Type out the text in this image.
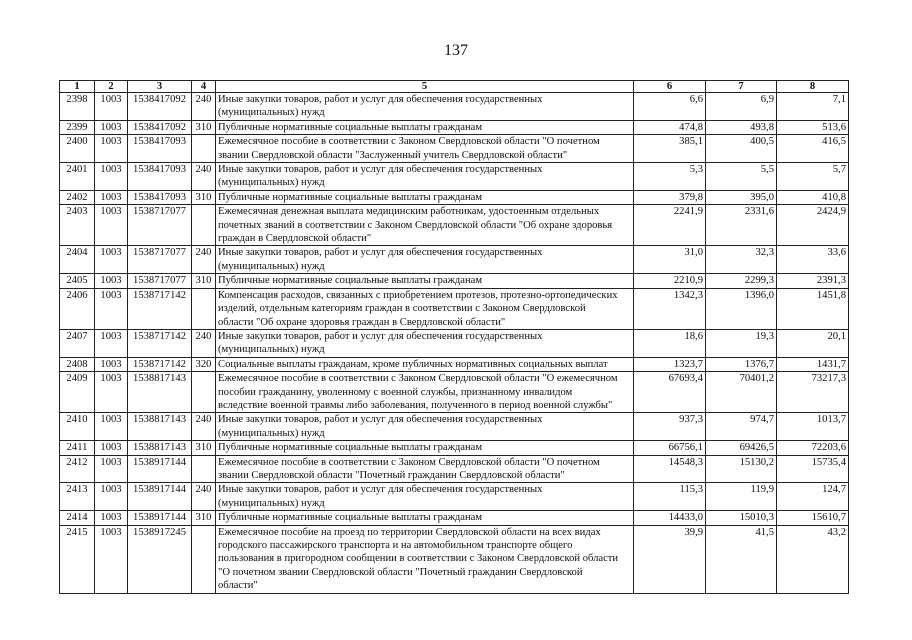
137
1	2	3	4	5	6	7	8
2398	1003	1538417092	240	Иные закупки товаров, работ и услуг для обеспечения государственных
(муниципальных) нужд	6,6	6,9	7,1
2399	1003	1538417092	310	Публичные нормативные социальные выплаты гражданам	474,8	493,8	513,6
2400	1003	1538417093		Ежемесячное пособие в соответствии с Законом Свердловской области "О почетном
звании Свердловской области "Заслуженный учитель Свердловской области"	385,1	400,5	416,5
2401	1003	1538417093	240	Иные закупки товаров, работ и услуг для обеспечения государственных
(муниципальных) нужд	5,3	5,5	5,7
2402	1003	1538417093	310	Публичные нормативные социальные выплаты гражданам	379,8	395,0	410,8
2403	1003	1538717077		Ежемесячная денежная выплата медицинским работникам, удостоенным отдельных
почетных званий в соответствии с Законом Свердловской области "Об охране здоровья
граждан в Свердловской области"	2241,9	2331,6	2424,9
2404	1003	1538717077	240	Иные закупки товаров, работ и услуг для обеспечения государственных
(муниципальных) нужд	31,0	32,3	33,6
2405	1003	1538717077	310	Публичные нормативные социальные выплаты гражданам	2210,9	2299,3	2391,3
2406	1003	1538717142		Компенсация расходов, связанных с приобретением протезов, протезно-ортопедических
изделий, отдельным категориям граждан в соответствии с Законом Свердловской
области "Об охране здоровья граждан в Свердловской области"	1342,3	1396,0	1451,8
2407	1003	1538717142	240	Иные закупки товаров, работ и услуг для обеспечения государственных
(муниципальных) нужд	18,6	19,3	20,1
2408	1003	1538717142	320	Социальные выплаты гражданам, кроме публичных нормативных социальных выплат	1323,7	1376,7	1431,7
2409	1003	1538817143		Ежемесячное пособие в соответствии с Законом Свердловской области "О ежемесячном
пособии гражданину, уволенному с военной службы, признанному инвалидом
вследствие военной травмы либо заболевания, полученного в период военной службы"	67693,4	70401,2	73217,3
2410	1003	1538817143	240	Иные закупки товаров, работ и услуг для обеспечения государственных
(муниципальных) нужд	937,3	974,7	1013,7
2411	1003	1538817143	310	Публичные нормативные социальные выплаты гражданам	66756,1	69426,5	72203,6
2412	1003	1538917144		Ежемесячное пособие в соответствии с Законом Свердловской области "О почетном
звании Свердловской области "Почетный гражданин Свердловской области"	14548,3	15130,2	15735,4
2413	1003	1538917144	240	Иные закупки товаров, работ и услуг для обеспечения государственных
(муниципальных) нужд	115,3	119,9	124,7
2414	1003	1538917144	310	Публичные нормативные социальные выплаты гражданам	14433,0	15010,3	15610,7
2415	1003	1538917245		Ежемесячное пособие на проезд по территории Свердловской области на всех видах
городского пассажирского транспорта и на автомобильном транспорте общего
пользования в пригородном сообщении в соответствии с Законом Свердловской области
"О почетном звании Свердловской области "Почетный гражданин Свердловской
области"	39,9	41,5	43,2
